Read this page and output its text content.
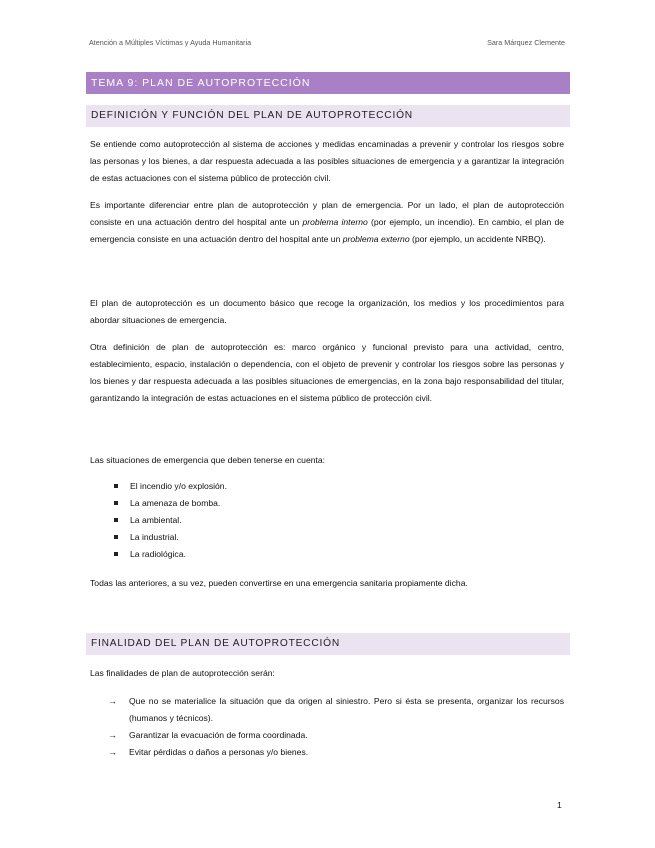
Atención a Múltiples Víctimas y Ayuda Humanitaria	Sara Márquez Clemente
TEMA 9: PLAN DE AUTOPROTECCIÓN
DEFINICIÓN Y FUNCIÓN DEL PLAN DE AUTOPROTECCIÓN

Se entiende como autoprotección al sistema de acciones y medidas encaminadas a prevenir y controlar los riesgos sobre las personas y los bienes, a dar respuesta adecuada a las posibles situaciones de emergencia y a garantizar la integración de estas actuaciones con el sistema público de protección civil.

Es importante diferenciar entre plan de autoprotección y plan de emergencia. Por un lado, el plan de autoprotección consiste en una actuación dentro del hospital ante un problema interno (por ejemplo, un incendio). En cambio, el plan de emergencia consiste en una actuación dentro del hospital ante un problema externo (por ejemplo, un accidente NRBQ).

El plan de autoprotección es un documento básico que recoge la organización, los medios y los procedimientos para abordar situaciones de emergencia.

Otra definición de plan de autoprotección es: marco orgánico y funcional previsto para una actividad, centro, establecimiento, espacio, instalación o dependencia, con el objeto de prevenir y controlar los riesgos sobre las personas y los bienes y dar respuesta adecuada a las posibles situaciones de emergencias, en la zona bajo responsabilidad del titular, garantizando la integración de estas actuaciones en el sistema público de protección civil.

Las situaciones de emergencia que deben tenerse en cuenta:

El incendio y/o explosión.
La amenaza de bomba.
La ambiental.
La industrial.
La radiológica.

Todas las anteriores, a su vez, pueden convertirse en una emergencia sanitaria propiamente dicha.

FINALIDAD DEL PLAN DE AUTOPROTECCIÓN

Las finalidades de plan de autoprotección serán:

→ Que no se materialice la situación que da origen al siniestro. Pero si ésta se presenta, organizar los recursos (humanos y técnicos).
→ Garantizar la evacuación de forma coordinada.
→ Evitar pérdidas o daños a personas y/o bienes.
1
